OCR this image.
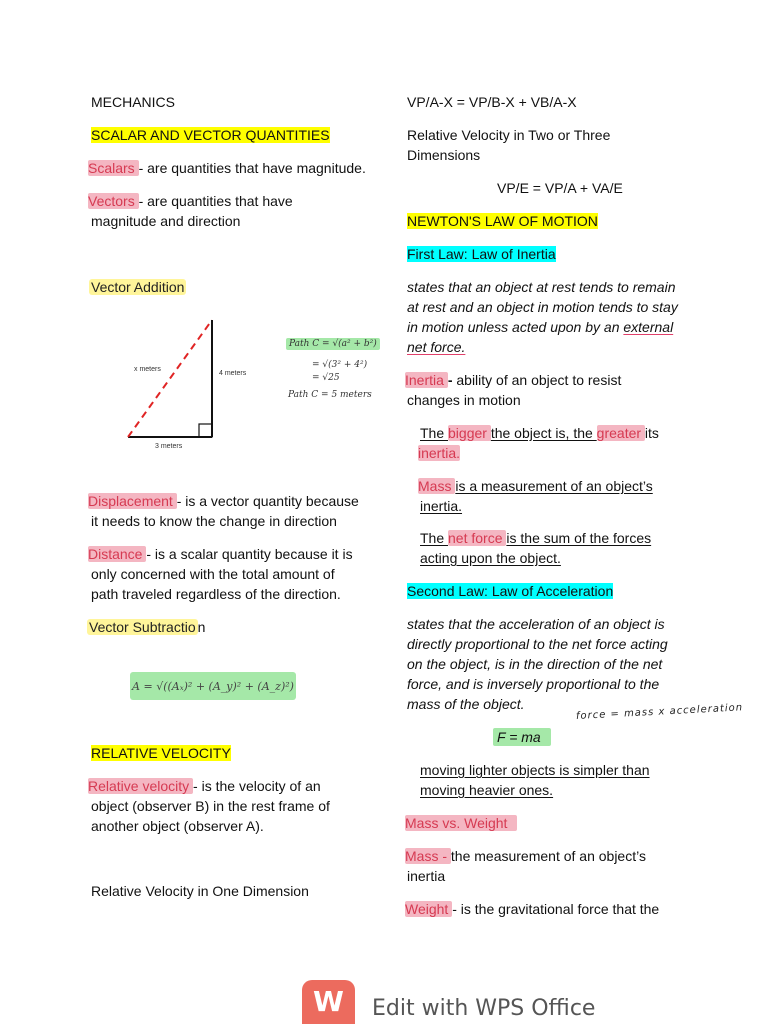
MECHANICS
SCALAR AND VECTOR QUANTITIES
Scalars - are quantities that have magnitude.
Vectors - are quantities that have
magnitude and direction
Vector Addition
x meters
4 meters
3 meters
Path C = √(a² + b²)
= √(3² + 4²)
= √25
Path C = 5 meters
Displacement - is a vector quantity because
it needs to know the change in direction
Distance - is a scalar quantity because it is
only concerned with the total amount of
path traveled regardless of the direction.
Vector Subtractio n
A = √((Aₓ)² + (A_y)² + (A_z)²)
RELATIVE VELOCITY
Relative velocity - is the velocity of an
object (observer B) in the rest frame of
another object (observer A).
Relative Velocity in One Dimension
VP/A-X = VP/B-X + VB/A-X
Relative Velocity in Two or Three
Dimensions
VP/E = VP/A + VA/E
NEWTON'S LAW OF MOTION
First Law: Law of Inertia
states that an object at rest tends to remain
at rest and an object in motion tends to stay
in motion unless acted upon by an external
net force.
Inertia - ability of an object to resist
changes in motion
The bigger the object is, the greater its
inertia.
Mass is a measurement of an object’s
inertia.
The net force is the sum of the forces
acting upon the object.
Second Law: Law of Acceleration
states that the acceleration of an object is
directly proportional to the net force acting
on the object, is in the direction of the net
force, and is inversely proportional to the
mass of the object.	force = mass x acceleration
F = ma
moving lighter objects is simpler than
moving heavier ones.
Mass vs. Weight
Mass - the measurement of an object’s
inertia
Weight - is the gravitational force that the
W Edit with WPS Office
